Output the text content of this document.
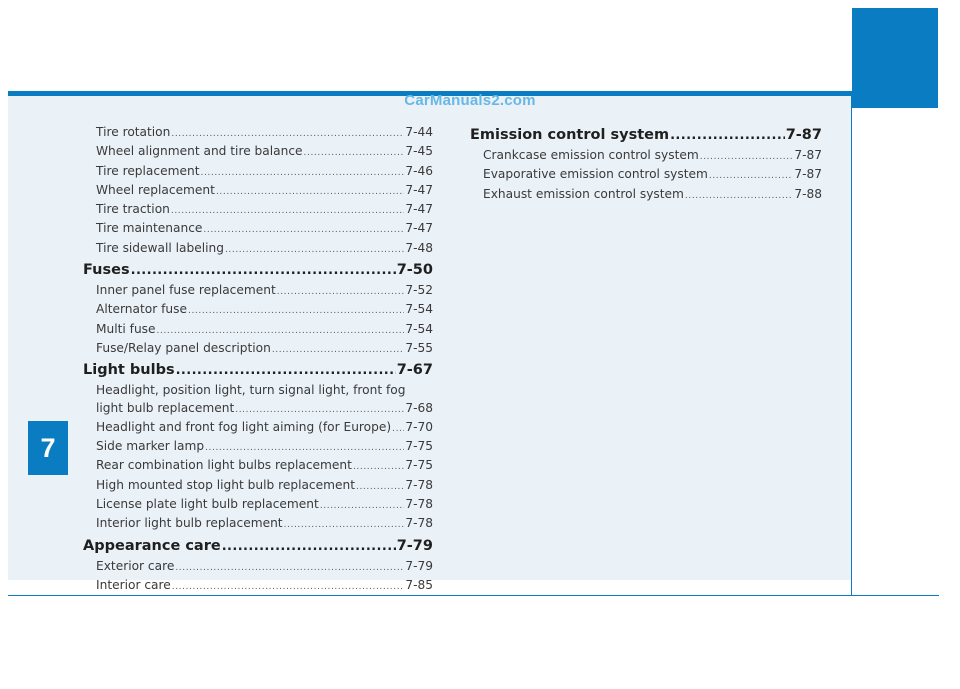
CarManuals2.com
7
Tire rotation .....	7-44
Wheel alignment and tire balance .....	7-45
Tire replacement .....	7-46
Wheel replacement .....	7-47
Tire traction .....	7-47
Tire maintenance .....	7-47
Tire sidewall labeling .....	7-48
Fuses .....	7-50
Inner panel fuse replacement .....	7-52
Alternator fuse .....	7-54
Multi fuse .....	7-54
Fuse/Relay panel description .....	7-55
Light bulbs .....	7-67
Headlight, position light, turn signal light, front fog
light bulb replacement .....	7-68
Headlight and front fog light aiming (for Europe) ..... 7-70
Side marker lamp .....	7-75
Rear combination light bulbs replacement .....	7-75
High mounted stop light bulb replacement .....	7-78
License plate light bulb replacement .....	7-78
Interior light bulb replacement .....	7-78
Appearance care .....	7-79
Exterior care .....	7-79
Interior care .....	7-85
Emission control system .....	7-87
Crankcase emission control system .....	7-87
Evaporative emission control system .....	7-87
Exhaust emission control system .....	7-88
